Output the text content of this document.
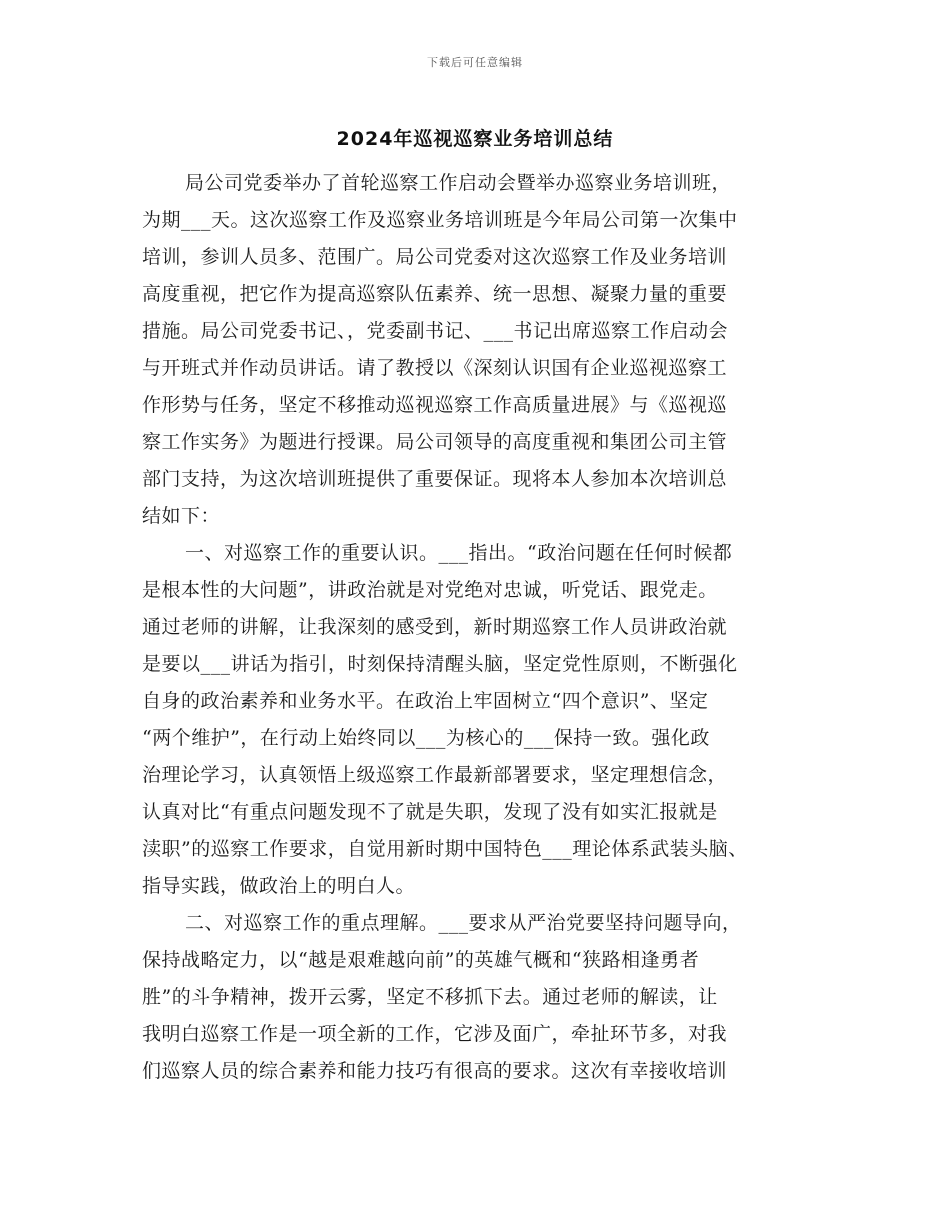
下载后可任意编辑
2024年巡视巡察业务培训总结
局公司党委举办了首轮巡察工作启动会暨举办巡察业务培训班，
为期___天。这次巡察工作及巡察业务培训班是今年局公司第一次集中
培训，参训人员多、范围广。局公司党委对这次巡察工作及业务培训
高度重视，把它作为提高巡察队伍素养、统一思想、凝聚力量的重要
措施。局公司党委书记、，党委副书记、___书记出席巡察工作启动会
与开班式并作动员讲话。请了教授以《深刻认识国有企业巡视巡察工
作形势与任务，坚定不移推动巡视巡察工作高质量进展》与《巡视巡
察工作实务》为题进行授课。局公司领导的高度重视和集团公司主管
部门支持，为这次培训班提供了重要保证。现将本人参加本次培训总
结如下：
一、对巡察工作的重要认识。___指出。“政治问题在任何时候都
是根本性的大问题”，讲政治就是对党绝对忠诚，听党话、跟党走。
通过老师的讲解，让我深刻的感受到，新时期巡察工作人员讲政治就
是要以___讲话为指引，时刻保持清醒头脑，坚定党性原则，不断强化
自身的政治素养和业务水平。在政治上牢固树立“四个意识”、坚定
“两个维护”，在行动上始终同以___为核心的___保持一致。强化政
治理论学习，认真领悟上级巡察工作最新部署要求，坚定理想信念，
认真对比“有重点问题发现不了就是失职，发现了没有如实汇报就是
渎职”的巡察工作要求，自觉用新时期中国特色___理论体系武装头脑、
指导实践，做政治上的明白人。
二、对巡察工作的重点理解。___要求从严治党要坚持问题导向，
保持战略定力，以“越是艰难越向前”的英雄气概和“狭路相逢勇者
胜”的斗争精神，拨开云雾，坚定不移抓下去。通过老师的解读，让
我明白巡察工作是一项全新的工作，它涉及面广，牵扯环节多，对我
们巡察人员的综合素养和能力技巧有很高的要求。这次有幸接收培训
